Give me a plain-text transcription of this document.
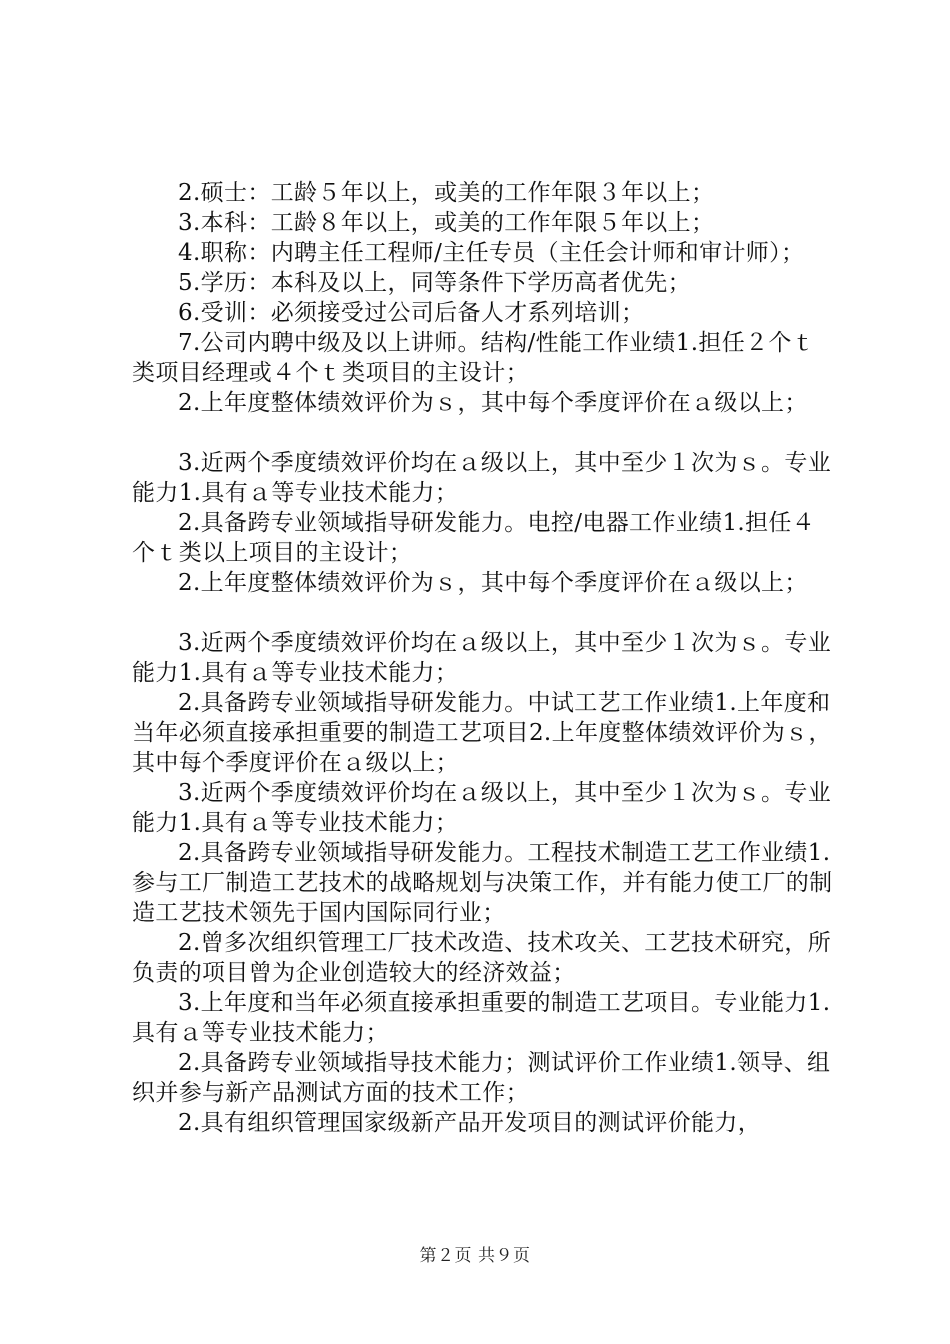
2.硕士：工龄５年以上，或美的工作年限３年以上；

3.本科：工龄８年以上，或美的工作年限５年以上；

4.职称：内聘主任工程师/主任专员（主任会计师和审计师）；

5.学历：本科及以上，同等条件下学历高者优先；

6.受训：必须接受过公司后备人才系列培训；

7.公司内聘中级及以上讲师。结构/性能工作业绩1.担任２个ｔ类项目经理或４个ｔ类项目的主设计；

2.上年度整体绩效评价为ｓ，其中每个季度评价在ａ级以上；

3.近两个季度绩效评价均在ａ级以上，其中至少１次为ｓ。专业能力1.具有ａ等专业技术能力；

2.具备跨专业领域指导研发能力。电控/电器工作业绩1.担任４个ｔ类以上项目的主设计；

2.上年度整体绩效评价为ｓ，其中每个季度评价在ａ级以上；

3.近两个季度绩效评价均在ａ级以上，其中至少１次为ｓ。专业能力1.具有ａ等专业技术能力；

2.具备跨专业领域指导研发能力。中试工艺工作业绩1.上年度和当年必须直接承担重要的制造工艺项目2.上年度整体绩效评价为ｓ，其中每个季度评价在ａ级以上；

3.近两个季度绩效评价均在ａ级以上，其中至少１次为ｓ。专业能力1.具有ａ等专业技术能力；

2.具备跨专业领域指导研发能力。工程技术制造工艺工作业绩1.参与工厂制造工艺技术的战略规划与决策工作，并有能力使工厂的制造工艺技术领先于国内国际同行业；

2.曾多次组织管理工厂技术改造、技术攻关、工艺技术研究，所负责的项目曾为企业创造较大的经济效益；

3.上年度和当年必须直接承担重要的制造工艺项目。专业能力1.具有ａ等专业技术能力；

2.具备跨专业领域指导技术能力；测试评价工作业绩1.领导、组织并参与新产品测试方面的技术工作；

2.具有组织管理国家级新产品开发项目的测试评价能力，

第２页 共９页
